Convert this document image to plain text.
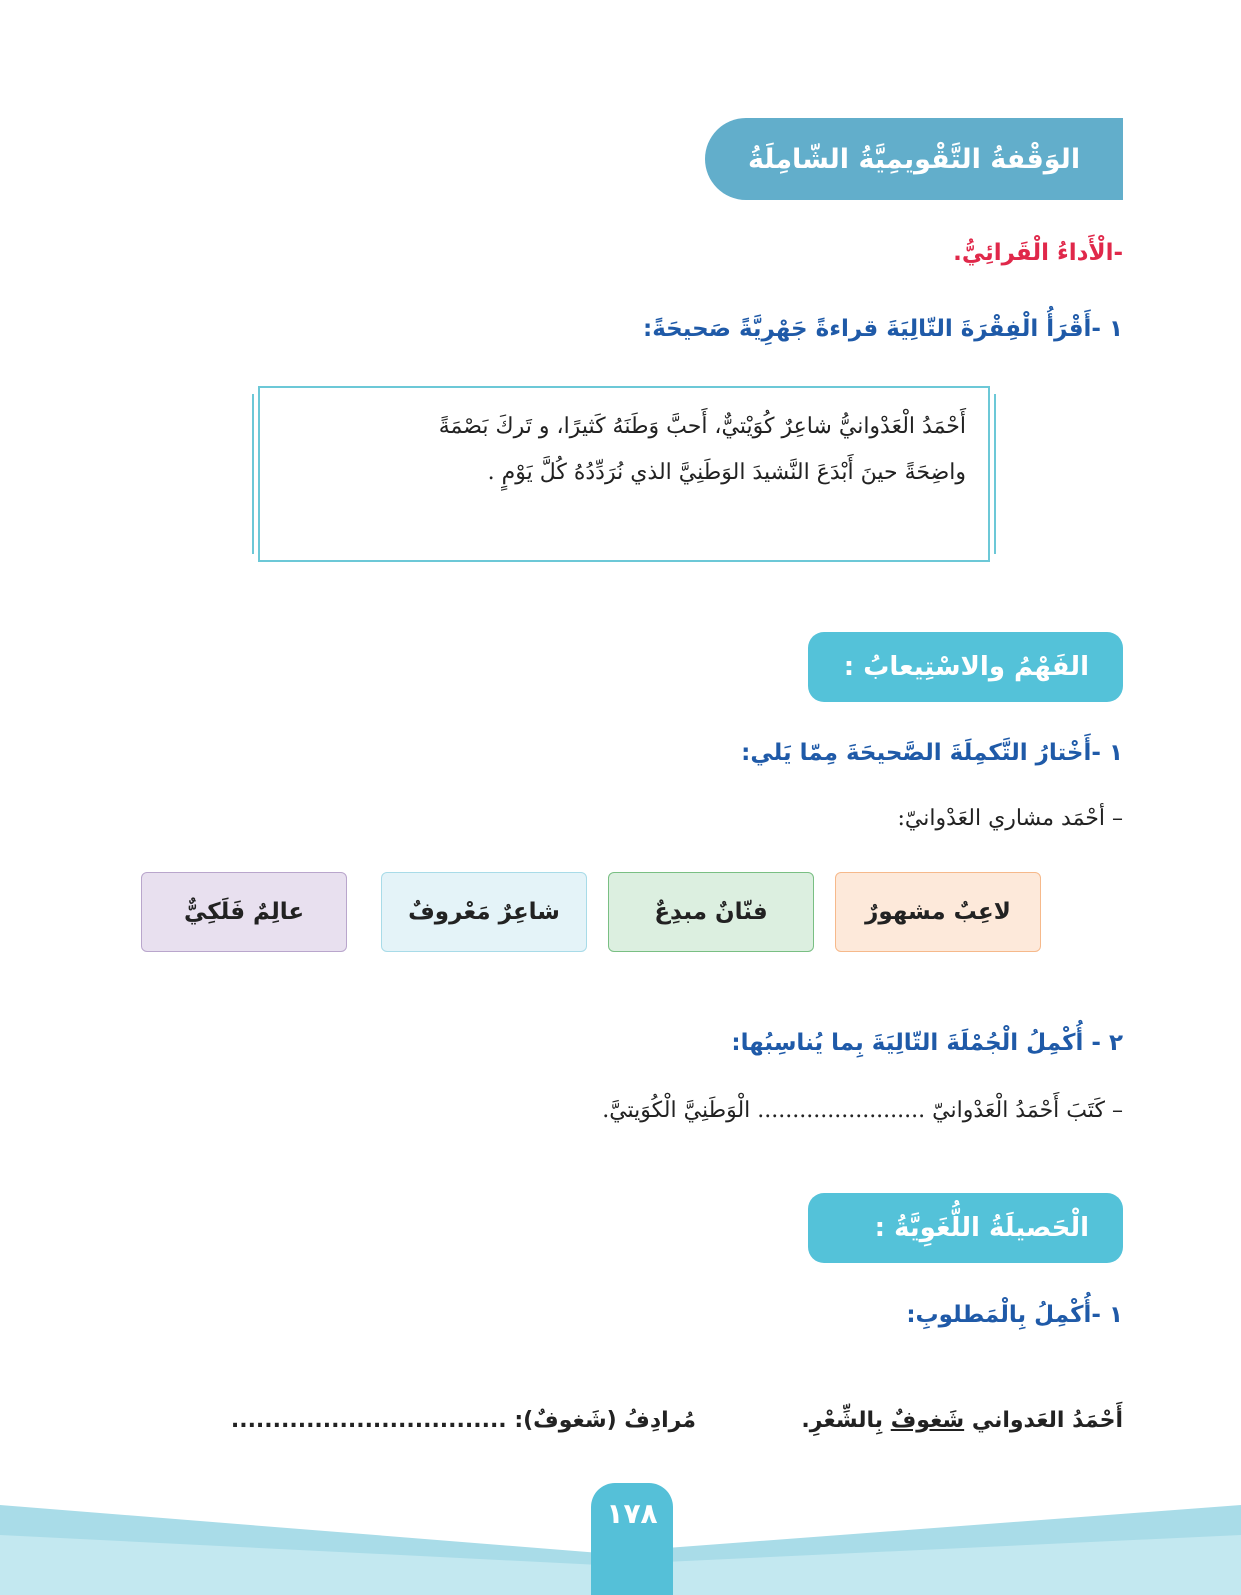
الوَقْفةُ التَّقْويمِيَّةُ الشّامِلَةُ
-الْأَداءُ الْقَرائِيُّ.
١ -أَقْرَأُ الْفِقْرَةَ التّالِيَةَ قراءةً جَهْرِيَّةً صَحيحَةً:
أَحْمَدُ الْعَدْوانيُّ شاعِرٌ كُوَيْتيٌّ، أَحبَّ وَطَنَهُ كَثيرًا، و تَركَ بَصْمَةً
واضِحَةً حينَ أَبْدَعَ النَّشيدَ الوَطَنِيَّ الذي نُرَدِّدُهُ كُلَّ يَوْمٍ .
الفَهْمُ والاسْتِيعابُ :
١ -أَخْتارُ التَّكمِلَةَ الصَّحيحَةَ مِمّا يَلي:
– أحْمَد مشاري العَدْوانيّ:
لاعِبٌ مشهورٌ
فنّانٌ مبدِعٌ
شاعِرٌ مَعْروفٌ
عالِمٌ فَلَكِيٌّ
٢ - أُكْمِلُ الْجُمْلَةَ التّالِيَةَ بِما يُناسِبُها:
– كَتَبَ أَحْمَدُ الْعَدْوانيّ ........................ الْوَطَنِيَّ الْكُوَيتيَّ.
الْحَصيلَةُ اللُّغَوِيَّةُ :
١ -أُكْمِلُ بِالْمَطلوبِ:
أَحْمَدُ العَدواني شَغوفٌ بِالشِّعْرِ.
مُرادِفُ (شَغوفٌ): .................................
١٧٨
